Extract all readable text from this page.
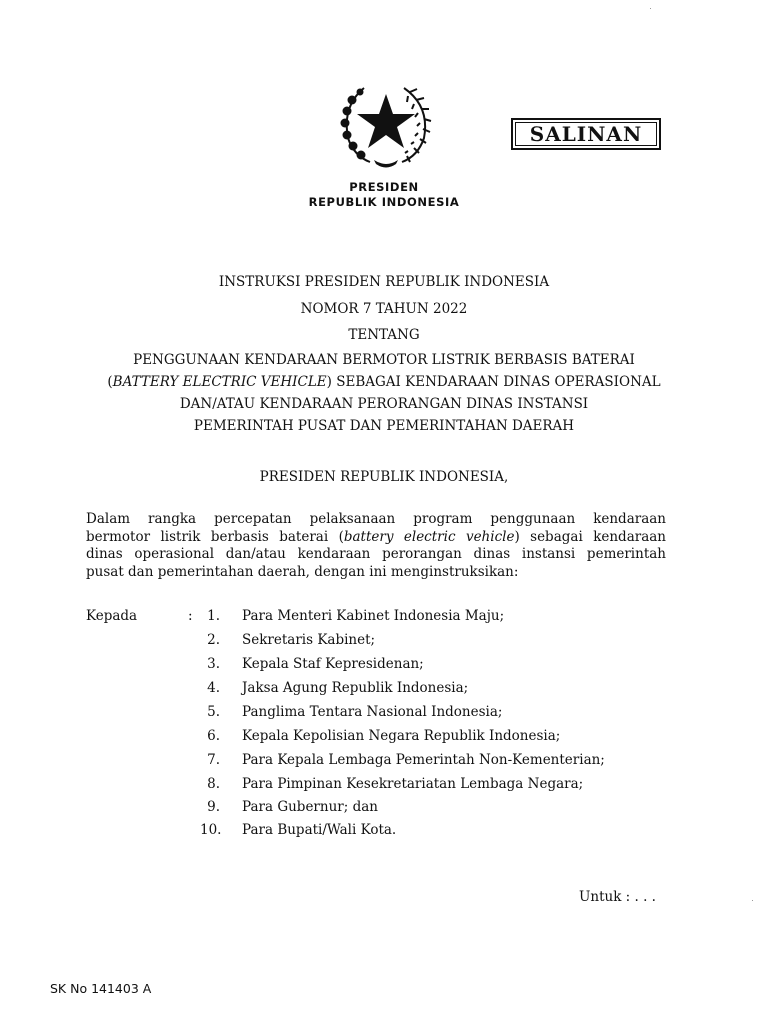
SALINAN
PRESIDEN
REPUBLIK INDONESIA
INSTRUKSI PRESIDEN REPUBLIK INDONESIA
NOMOR 7 TAHUN 2022
TENTANG
PENGGUNAAN KENDARAAN BERMOTOR LISTRIK BERBASIS BATERAI
(BATTERY ELECTRIC VEHICLE) SEBAGAI KENDARAAN DINAS OPERASIONAL
DAN/ATAU KENDARAAN PERORANGAN DINAS INSTANSI
PEMERINTAH PUSAT DAN PEMERINTAHAN DAERAH
PRESIDEN REPUBLIK INDONESIA,
Dalam rangka percepatan pelaksanaan program penggunaan kendaraan
bermotor listrik berbasis baterai (battery electric vehicle) sebagai kendaraan
dinas operasional dan/atau kendaraan perorangan dinas instansi pemerintah
pusat dan pemerintahan daerah, dengan ini menginstruksikan:
Kepada	:	1. Para Menteri Kabinet Indonesia Maju;
2. Sekretaris Kabinet;
3. Kepala Staf Kepresidenan;
4. Jaksa Agung Republik Indonesia;
5. Panglima Tentara Nasional Indonesia;
6. Kepala Kepolisian Negara Republik Indonesia;
7. Para Kepala Lembaga Pemerintah Non-Kementerian;
8. Para Pimpinan Kesekretariatan Lembaga Negara;
9. Para Gubernur; dan
10. Para Bupati/Wali Kota.
Untuk : . . .
SK No 141403 A
